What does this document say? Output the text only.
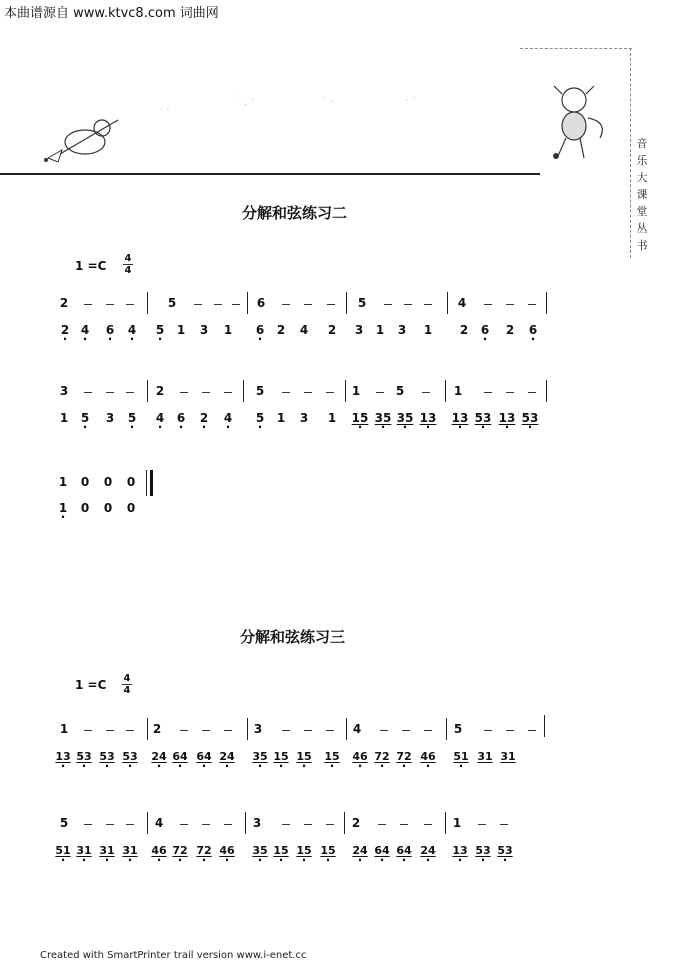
本曲谱源自 www.ktvc8.com 词曲网
· ·
˙ ˛ ·	˙ ·	· ˙
音
乐
大
课
堂
丛
书
分解和弦练习二
1 =C
4
4
2	5	6	5	4
2 · 4 ·	6 ·	4 ·	5 ·	1	3	1	6 ·	2	4	2	3	1	3	1	2	6 ·	2	6 ·
3	2	5	1	5	1
1	5 ·	3	5 ·	4 ·	6 ·	2 ·	4 ·	5 ·	1	3	1	15 · 35 · 35 · 13 · 13 · 53 · 13 · 53 ·
1	0	0	0
1 ·	0	0	0
分解和弦练习三
1 =C 4
4
1	2	3	4	5
13 · 53 · 53 · 53 ·	24 · 64 · 64 · 24 ·	35 · 15 · 15 ·	15 ·	46 · 72 · 72 · 46 ·	51 · 31 31
5	4	3	2	1
51 · 31 · 31 · 31 ·	46 · 72 · 72 · 46 ·	35 · 15 · 15 · 15 ·	24 · 64 · 64 · 24 ·	13 · 53 · 53 ·
Created with SmartPrinter trail version www.i-enet.cc
